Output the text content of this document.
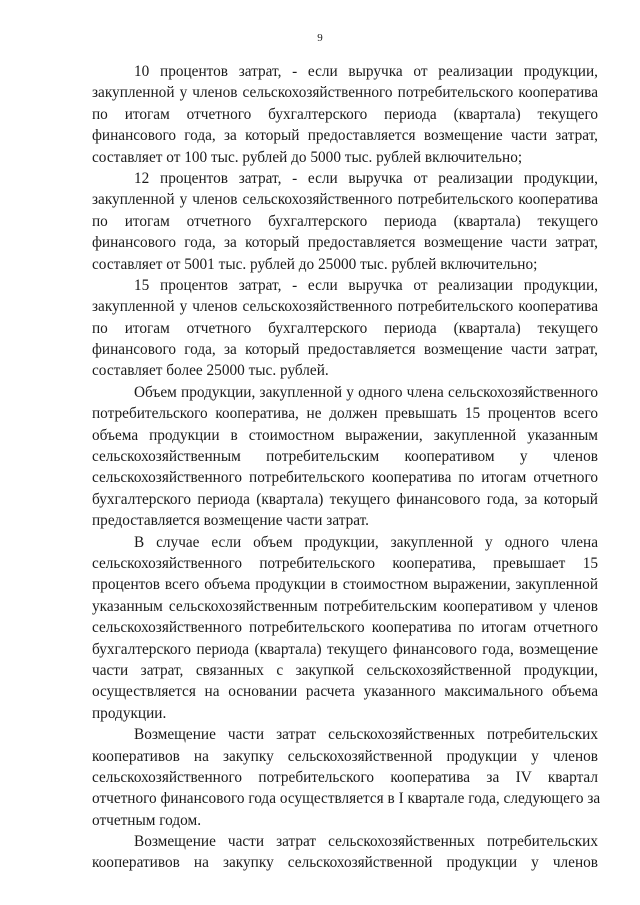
9

10 процентов затрат, - если выручка от реализации продукции,
закупленной у членов сельскохозяйственного потребительского кооператива
по итогам отчетного бухгалтерского периода (квартала) текущего
финансового года, за который предоставляется возмещение части затрат,
составляет от 100 тыс. рублей до 5000 тыс. рублей включительно;

12 процентов затрат, - если выручка от реализации продукции,
закупленной у членов сельскохозяйственного потребительского кооператива
по итогам отчетного бухгалтерского периода (квартала) текущего
финансового года, за который предоставляется возмещение части затрат,
составляет от 5001 тыс. рублей до 25000 тыс. рублей включительно;

15 процентов затрат, - если выручка от реализации продукции,
закупленной у членов сельскохозяйственного потребительского кооператива
по итогам отчетного бухгалтерского периода (квартала) текущего
финансового года, за который предоставляется возмещение части затрат,
составляет более 25000 тыс. рублей.

Объем продукции, закупленной у одного члена сельскохозяйственного
потребительского кооператива, не должен превышать 15 процентов всего
объема продукции в стоимостном выражении, закупленной указанным
сельскохозяйственным потребительским кооперативом у членов
сельскохозяйственного потребительского кооператива по итогам отчетного
бухгалтерского периода (квартала) текущего финансового года, за который
предоставляется возмещение части затрат.

В случае если объем продукции, закупленной у одного члена
сельскохозяйственного потребительского кооператива, превышает 15
процентов всего объема продукции в стоимостном выражении, закупленной
указанным сельскохозяйственным потребительским кооперативом у членов
сельскохозяйственного потребительского кооператива по итогам отчетного
бухгалтерского периода (квартала) текущего финансового года, возмещение
части затрат, связанных с закупкой сельскохозяйственной продукции,
осуществляется на основании расчета указанного максимального объема
продукции.

Возмещение части затрат сельскохозяйственных потребительских
кооперативов на закупку сельскохозяйственной продукции у членов
сельскохозяйственного потребительского кооператива за IV квартал
отчетного финансового года осуществляется в I квартале года, следующего за
отчетным годом.

Возмещение части затрат сельскохозяйственных потребительских
кооперативов на закупку сельскохозяйственной продукции у членов
